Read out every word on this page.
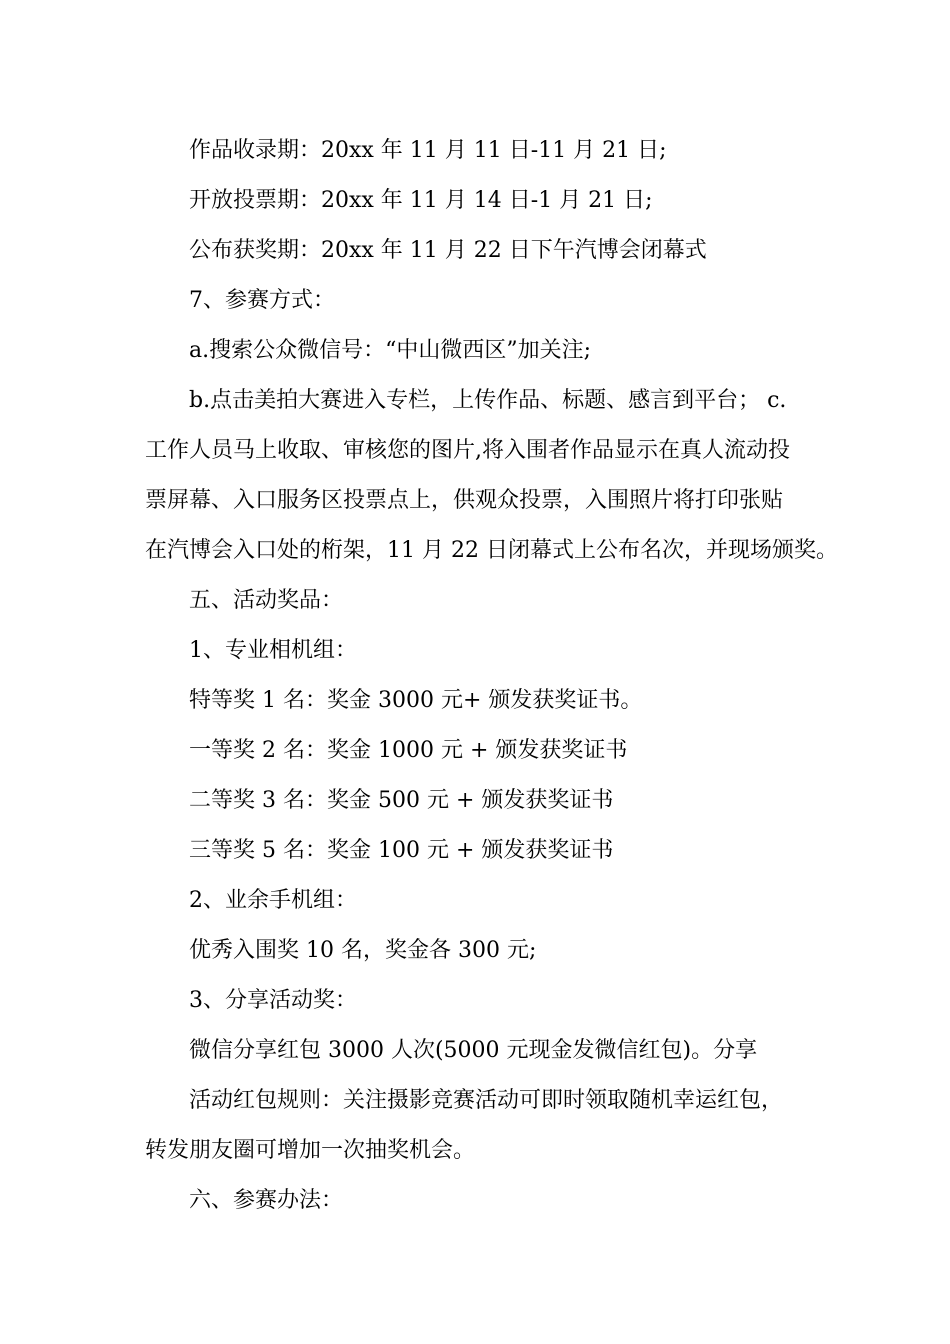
作品收录期：20xx 年 11 月 11 日-11 月 21 日;
开放投票期：20xx 年 11 月 14 日-1 月 21 日;
公布获奖期：20xx 年 11 月 22 日下午汽博会闭幕式
7、参赛方式：
a.搜索公众微信号：“中山微西区”加关注;
b.点击美拍大赛进入专栏，上传作品、标题、感言到平台； c.
工作人员马上收取、审核您的图片,将入围者作品显示在真人流动投
票屏幕、入口服务区投票点上，供观众投票，入围照片将打印张贴
在汽博会入口处的桁架，11 月 22 日闭幕式上公布名次，并现场颁奖。
五、活动奖品：
1、专业相机组：
特等奖 1 名：奖金 3000 元+ 颁发获奖证书。
一等奖 2 名：奖金 1000 元 + 颁发获奖证书
二等奖 3 名：奖金 500 元 + 颁发获奖证书
三等奖 5 名：奖金 100 元 + 颁发获奖证书
2、业余手机组：
优秀入围奖 10 名，奖金各 300 元;
3、分享活动奖：
微信分享红包 3000 人次(5000 元现金发微信红包)。分享
活动红包规则：关注摄影竞赛活动可即时领取随机幸运红包，
转发朋友圈可增加一次抽奖机会。
六、参赛办法：
